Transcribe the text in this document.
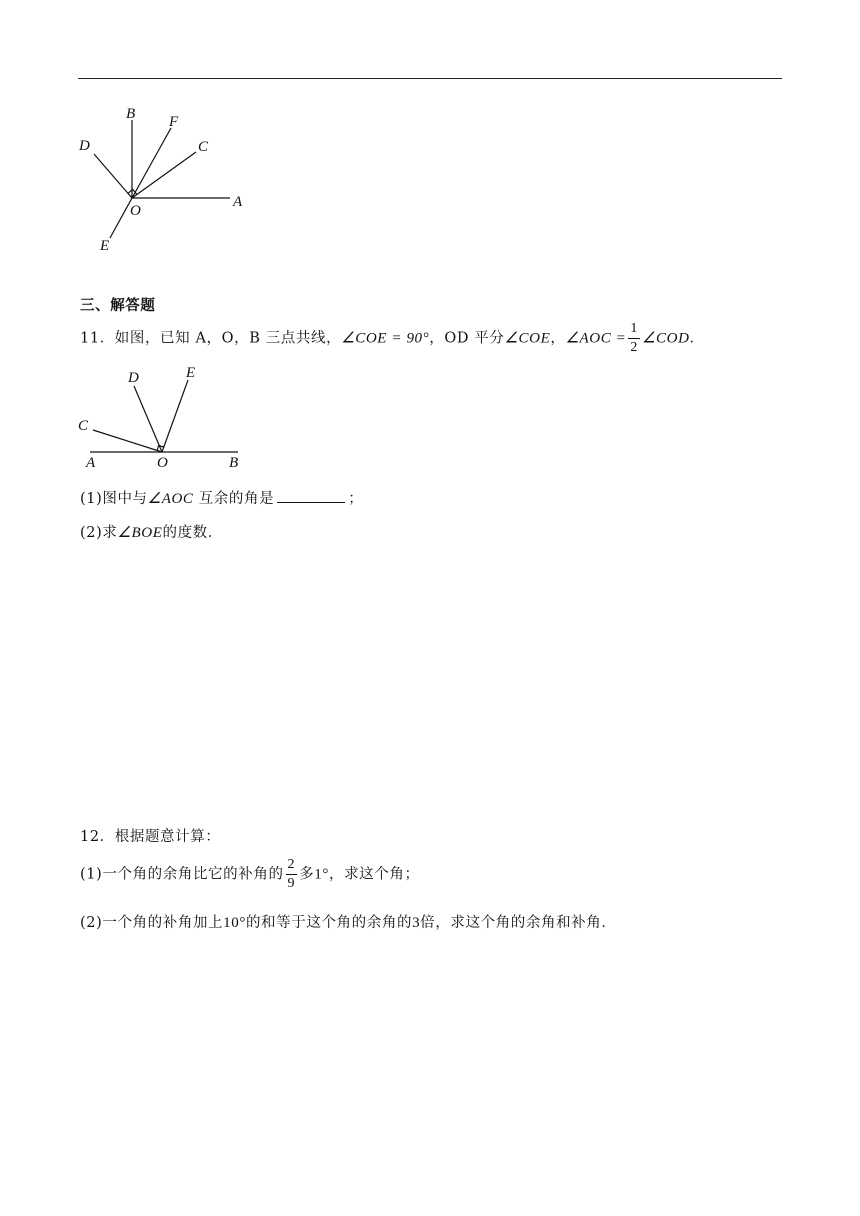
B F
D	C
O
A
E
三、解答题
11．如图，已知 A，O，B 三点共线，∠COE = 90°，OD 平分∠COE，∠AOC = $\frac{1}{2}$ ∠COD．
D	E
C
A	O	B
(1)图中与∠AOC 互余的角是	；
(2)求∠BOE的度数．
12．根据题意计算：
(1)一个角的余角比它的补角的 $\frac{2}{9}$ 多1°，求这个角；
(2)一个角的补角加上10°的和等于这个角的余角的3倍，求这个角的余角和补角．
